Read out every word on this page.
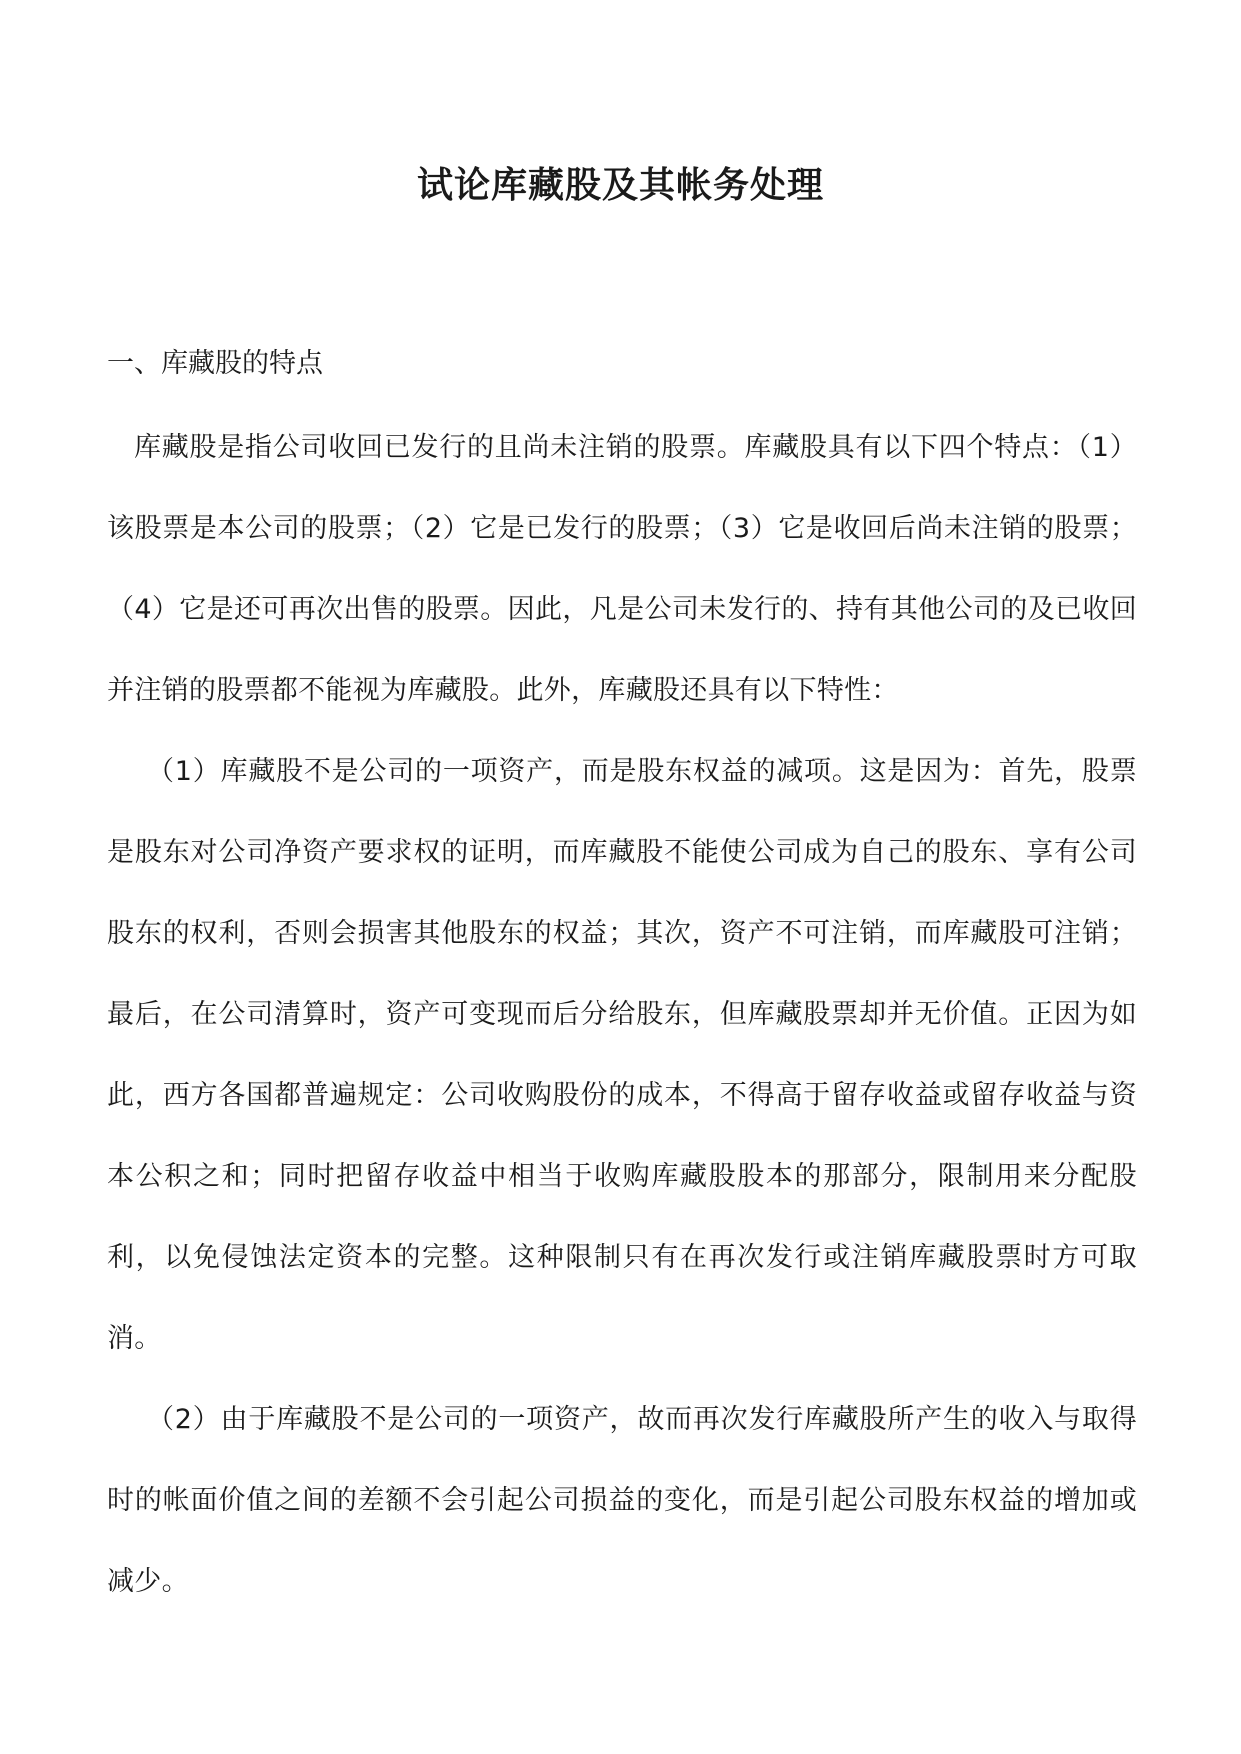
试论库藏股及其帐务处理
一、库藏股的特点

库藏股是指公司收回已发行的且尚未注销的股票。库藏股具有以下四个特点：（1）该股票是本公司的股票；（2）它是已发行的股票；（3）它是收回后尚未注销的股票；（4）它是还可再次出售的股票。因此，凡是公司未发行的、持有其他公司的及已收回并注销的股票都不能视为库藏股。此外，库藏股还具有以下特性：

（1）库藏股不是公司的一项资产，而是股东权益的减项。这是因为：首先，股票是股东对公司净资产要求权的证明，而库藏股不能使公司成为自己的股东、享有公司股东的权利，否则会损害其他股东的权益；其次，资产不可注销，而库藏股可注销；最后，在公司清算时，资产可变现而后分给股东，但库藏股票却并无价值。正因为如此，西方各国都普遍规定：公司收购股份的成本，不得高于留存收益或留存收益与资本公积之和；同时把留存收益中相当于收购库藏股股本的那部分，限制用来分配股利，以免侵蚀法定资本的完整。这种限制只有在再次发行或注销库藏股票时方可取消。

（2）由于库藏股不是公司的一项资产，故而再次发行库藏股所产生的收入与取得时的帐面价值之间的差额不会引起公司损益的变化，而是引起公司股东权益的增加或减少。
